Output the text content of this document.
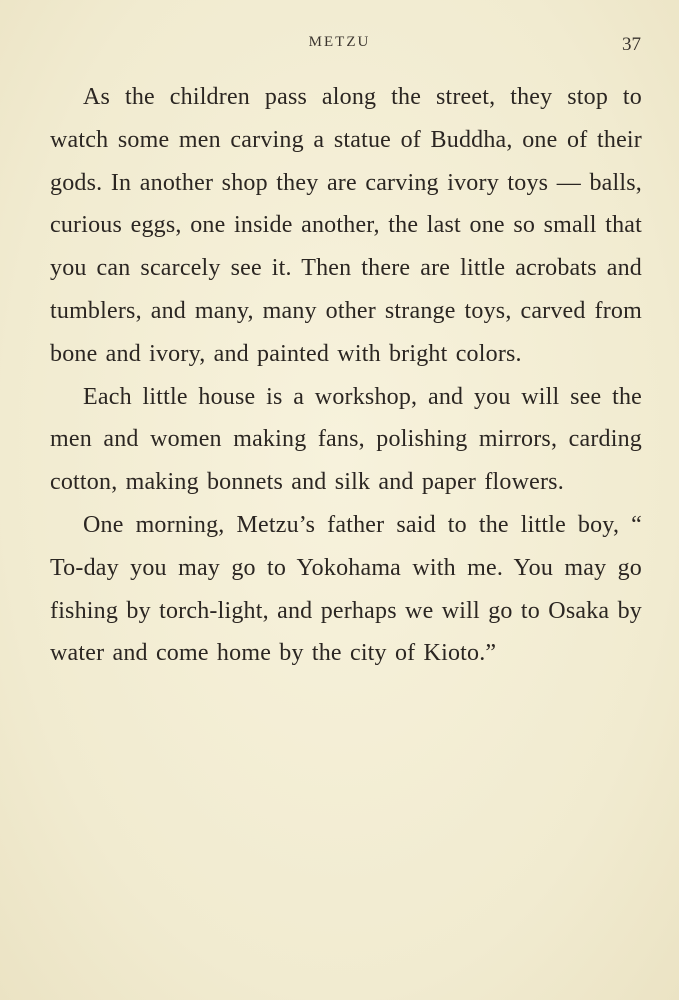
METZU	37

As the children pass along the street, they stop to watch some men carving a statue of Buddha, one of their gods. In another shop they are carving ivory toys — balls, curious eggs, one inside another, the last one so small that you can scarcely see it. Then there are little acrobats and tumblers, and many, many other strange toys, carved from bone and ivory, and painted with bright colors.

Each little house is a workshop, and you will see the men and women making fans, polishing mirrors, carding cotton, making bonnets and silk and paper flowers.

One morning, Metzu’s father said to the little boy, “ To-day you may go to Yokohama with me. You may go fishing by torch-light, and perhaps we will go to Osaka by water and come home by the city of Kioto.”
